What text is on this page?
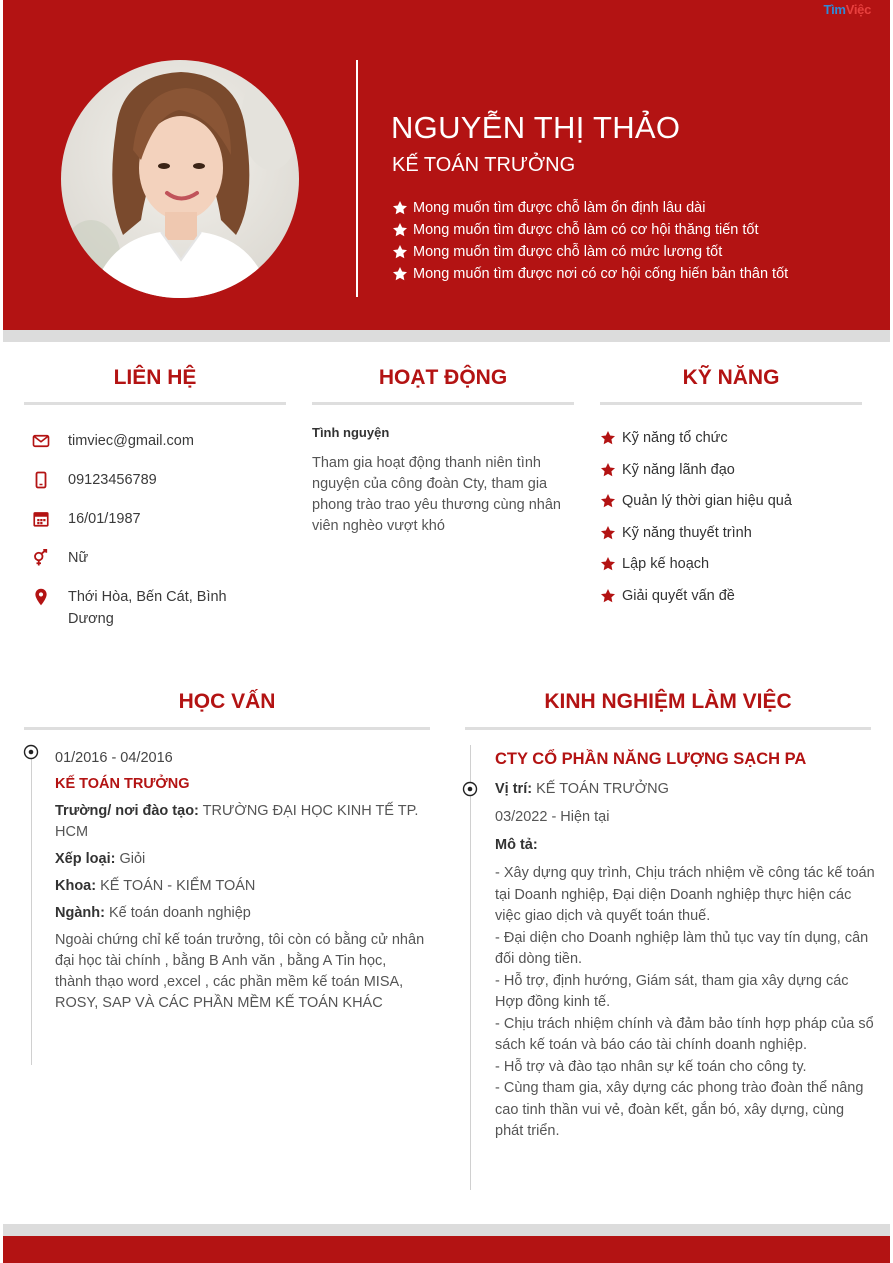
TìmViệc
NGUYỄN THỊ THẢO
KẾ TOÁN TRƯỞNG
Mong muốn tìm được chỗ làm ổn định lâu dài
Mong muốn tìm được chỗ làm có cơ hội thăng tiến tốt
Mong muốn tìm được chỗ làm có mức lương tốt
Mong muốn tìm được nơi có cơ hội cống hiến bản thân tốt
LIÊN HỆ
timviec@gmail.com
09123456789
16/01/1987
Nữ
Thới Hòa, Bến Cát, Bình Dương
HOẠT ĐỘNG
Tình nguyện
Tham gia hoạt động thanh niên tình nguyện của công đoàn Cty, tham gia phong trào trao yêu thương cùng nhân viên nghèo vượt khó
KỸ NĂNG
Kỹ năng tổ chức
Kỹ năng lãnh đạo
Quản lý thời gian hiệu quả
Kỹ năng thuyết trình
Lập kế hoạch
Giải quyết vấn đề
HỌC VẤN
01/2016 - 04/2016
KẾ TOÁN TRƯỞNG
Trường/ nơi đào tạo: TRƯỜNG ĐẠI HỌC KINH TẾ TP. HCM
Xếp loại: Giỏi
Khoa: KẾ TOÁN - KIỂM TOÁN
Ngành: Kế toán doanh nghiệp
Ngoài chứng chỉ kế toán trưởng, tôi còn có bằng cử nhân đại học tài chính , bằng B Anh văn , bằng A Tin học, thành thạo word ,excel , các phần mềm kế toán MISA, ROSY, SAP VÀ CÁC PHẦN MỀM KẾ TOÁN KHÁC
KINH NGHIỆM LÀM VIỆC
CTY CỔ PHẦN NĂNG LƯỢNG SẠCH PA
Vị trí: KẾ TOÁN TRƯỞNG
03/2022 - Hiện tại
Mô tả:
- Xây dựng quy trình, Chịu trách nhiệm về công tác kế toán tại Doanh nghiệp, Đại diện Doanh nghiệp thực hiện các việc giao dịch và quyết toán thuế.
- Đại diện cho Doanh nghiệp làm thủ tục vay tín dụng, cân đối dòng tiền.
- Hỗ trợ, định hướng, Giám sát, tham gia xây dựng các Hợp đồng kinh tế.
- Chịu trách nhiệm chính và đảm bảo tính hợp pháp của sổ sách kế toán và báo cáo tài chính doanh nghiệp.
- Hỗ trợ và đào tạo nhân sự kế toán cho công ty.
- Cùng tham gia, xây dựng các phong trào đoàn thể nâng cao tinh thần vui vẻ, đoàn kết, gắn bó, xây dựng, cùng phát triển.
